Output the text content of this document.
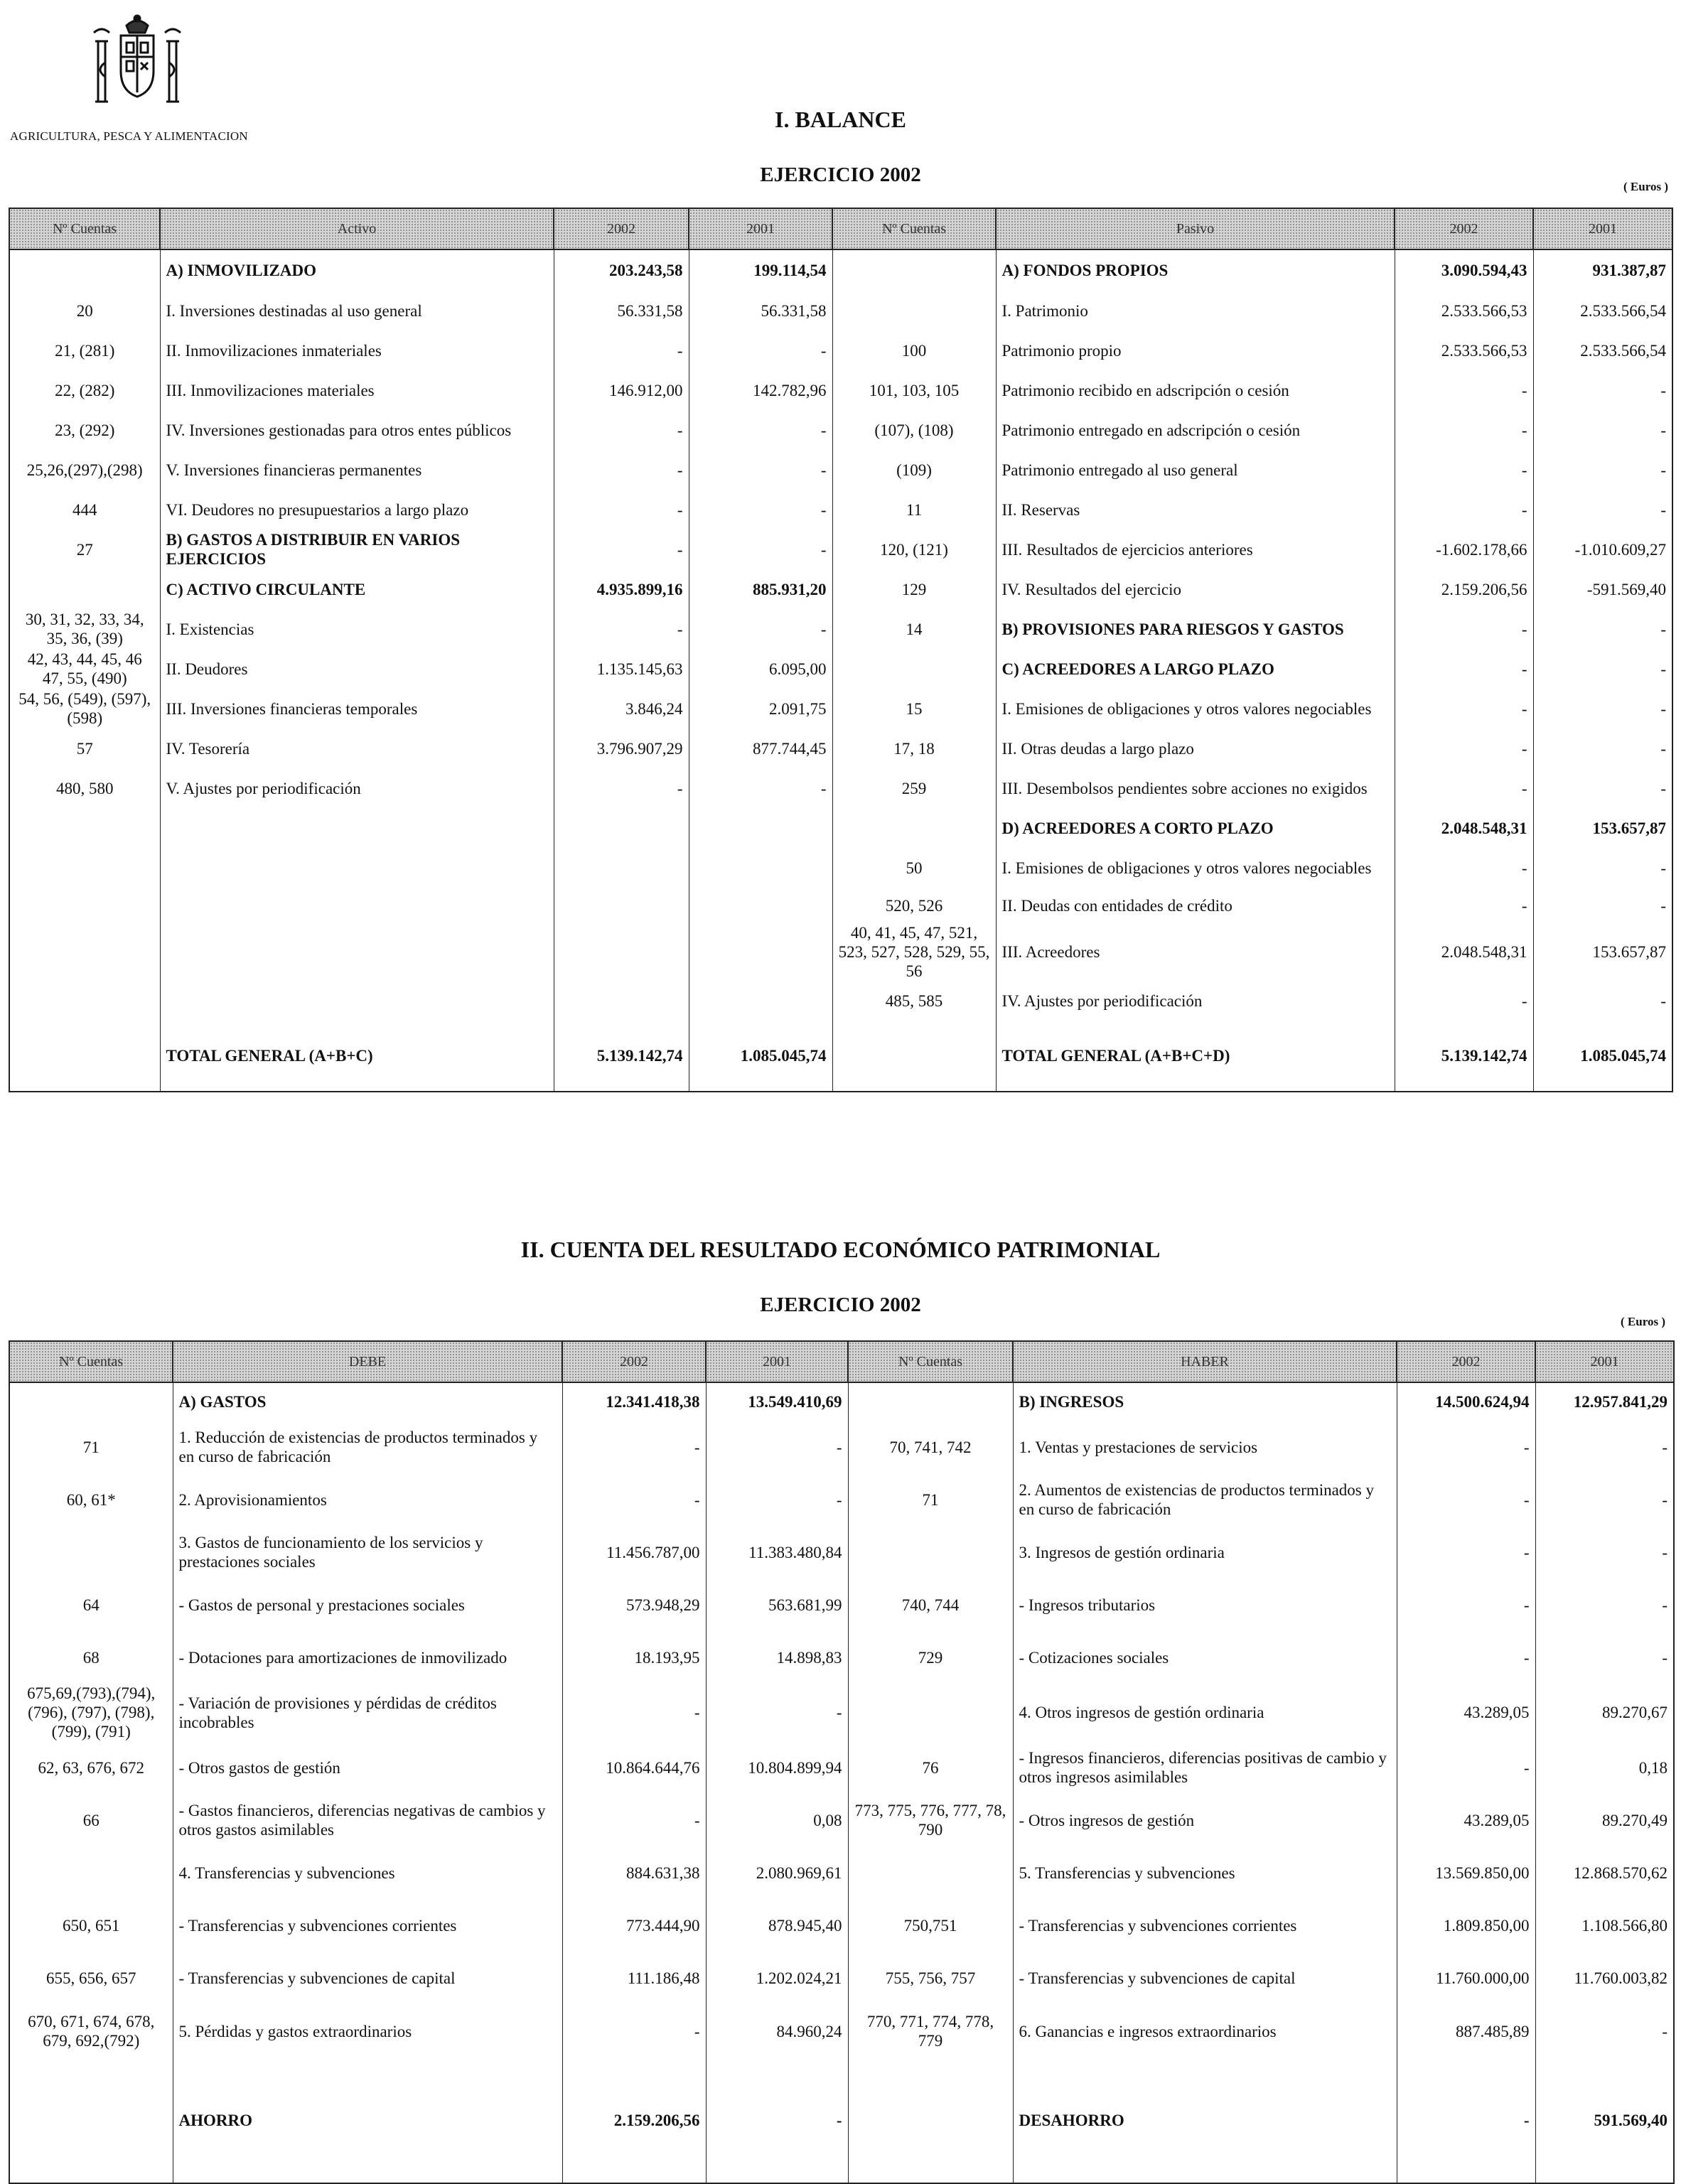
AGRICULTURA, PESCA Y ALIMENTACION
I. BALANCE
EJERCICIO 2002
( Euros )
Nº Cuentas	Activo	2002	2001	Nº Cuentas	Pasivo	2002	2001
	A) INMOVILIZADO	203.243,58	199.114,54		A) FONDOS PROPIOS	3.090.594,43	931.387,87
20	I. Inversiones destinadas al uso general	56.331,58	56.331,58		I. Patrimonio	2.533.566,53	2.533.566,54
21, (281)	II. Inmovilizaciones inmateriales	-	-	100	Patrimonio propio	2.533.566,53	2.533.566,54
22, (282)	III. Inmovilizaciones materiales	146.912,00	142.782,96	101, 103, 105	Patrimonio recibido en adscripción o cesión	-	-
23, (292)	IV. Inversiones gestionadas para otros entes públicos	-	-	(107), (108)	Patrimonio entregado en adscripción o cesión	-	-
25,26,(297),(298)	V. Inversiones financieras permanentes	-	-	(109)	Patrimonio entregado al uso general	-	-
444	VI. Deudores no presupuestarios a largo plazo	-	-	11	II. Reservas	-	-
27	B) GASTOS A DISTRIBUIR EN VARIOS EJERCICIOS	-	-	120, (121)	III. Resultados de ejercicios anteriores	-1.602.178,66	-1.010.609,27
	C) ACTIVO CIRCULANTE	4.935.899,16	885.931,20	129	IV. Resultados del ejercicio	2.159.206,56	-591.569,40
30, 31, 32, 33, 34, 35, 36, (39)	I. Existencias	-	-	14	B) PROVISIONES PARA RIESGOS Y GASTOS	-	-
42, 43, 44, 45, 46 47, 55, (490)	II. Deudores	1.135.145,63	6.095,00		C) ACREEDORES A LARGO PLAZO	-	-
54, 56, (549), (597), (598)	III. Inversiones financieras temporales	3.846,24	2.091,75	15	I. Emisiones de obligaciones y otros valores negociables	-	-
57	IV. Tesorería	3.796.907,29	877.744,45	17, 18	II. Otras deudas a largo plazo	-	-
480, 580	V. Ajustes por periodificación	-	-	259	III. Desembolsos pendientes sobre acciones no exigidos	-	-
					D) ACREEDORES A CORTO PLAZO	2.048.548,31	153.657,87
				50	I. Emisiones de obligaciones y otros valores negociables	-	-
				520, 526	II. Deudas con entidades de crédito	-	-
				40, 41, 45, 47, 521, 523, 527, 528, 529, 55, 56	III. Acreedores	2.048.548,31	153.657,87
				485, 585	IV. Ajustes por periodificación	-	-
	TOTAL GENERAL (A+B+C)	5.139.142,74	1.085.045,74		TOTAL GENERAL (A+B+C+D)	5.139.142,74	1.085.045,74
II. CUENTA DEL RESULTADO ECONÓMICO PATRIMONIAL
EJERCICIO 2002
( Euros )
Nº Cuentas	DEBE	2002	2001	Nº Cuentas	HABER	2002	2001
	A) GASTOS	12.341.418,38	13.549.410,69		B) INGRESOS	14.500.624,94	12.957.841,29
71	1. Reducción de existencias de productos terminados y en curso de fabricación	-	-	70, 741, 742	1. Ventas y prestaciones de servicios	-	-
60, 61*	2. Aprovisionamientos	-	-	71	2. Aumentos de existencias de productos terminados y en curso de fabricación	-	-
	3. Gastos de funcionamiento de los servicios y prestaciones sociales	11.456.787,00	11.383.480,84		3. Ingresos de gestión ordinaria	-	-
64	- Gastos de personal y prestaciones sociales	573.948,29	563.681,99	740, 744	- Ingresos tributarios	-	-
68	- Dotaciones para amortizaciones de inmovilizado	18.193,95	14.898,83	729	- Cotizaciones sociales	-	-
675,69,(793),(794), (796), (797), (798), (799), (791)	- Variación de provisiones y pérdidas de créditos incobrables	-	-		4. Otros ingresos de gestión ordinaria	43.289,05	89.270,67
62, 63, 676, 672	- Otros gastos de gestión	10.864.644,76	10.804.899,94	76	- Ingresos financieros, diferencias positivas de cambio y otros ingresos asimilables	-	0,18
66	- Gastos financieros, diferencias negativas de cambios y otros gastos asimilables	-	0,08	773, 775, 776, 777, 78, 790	- Otros ingresos de gestión	43.289,05	89.270,49
	4. Transferencias y subvenciones	884.631,38	2.080.969,61		5. Transferencias y subvenciones	13.569.850,00	12.868.570,62
650, 651	- Transferencias y subvenciones corrientes	773.444,90	878.945,40	750,751	- Transferencias y subvenciones corrientes	1.809.850,00	1.108.566,80
655, 656, 657	- Transferencias y subvenciones de capital	111.186,48	1.202.024,21	755, 756, 757	- Transferencias y subvenciones de capital	11.760.000,00	11.760.003,82
670, 671, 674, 678, 679, 692,(792)	5. Pérdidas y gastos extraordinarios	-	84.960,24	770, 771, 774, 778, 779	6. Ganancias e ingresos extraordinarios	887.485,89	-
	AHORRO	2.159.206,56	-		DESAHORRO	-	591.569,40
